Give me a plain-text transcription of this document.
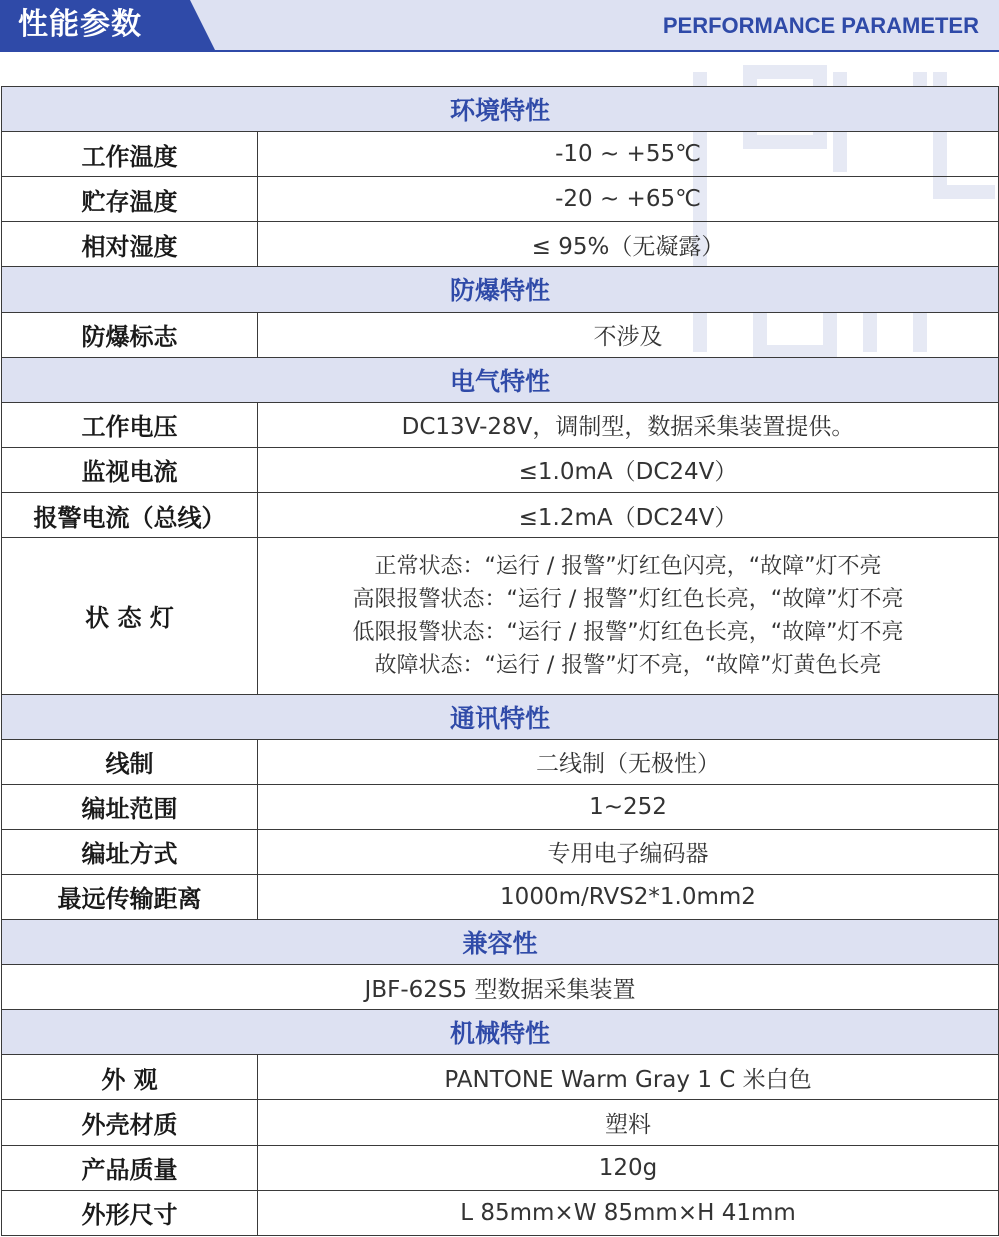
性能参数	PERFORMANCE PARAMETER
环境特性	
工作温度	-10 ~ +55℃
贮存温度	-20 ~ +65℃
相对湿度	≤ 95%（无凝露）
防爆特性	
防爆标志	不涉及
电气特性	
工作电压	DC13V-28V，调制型，数据采集装置提供。
监视电流	≤1.0mA（DC24V）
报警电流（总线）	≤1.2mA（DC24V）
状 态 灯	正常状态：“运行 / 报警”灯红色闪亮，“故障”灯不亮
高限报警状态：“运行 / 报警”灯红色长亮，“故障”灯不亮
低限报警状态：“运行 / 报警”灯红色长亮，“故障”灯不亮
故障状态：“运行 / 报警”灯不亮，“故障”灯黄色长亮

通讯特性	
线制	二线制（无极性）
编址范围	1~252
编址方式	专用电子编码器
最远传输距离	1000m/RVS2*1.0mm2
兼容性	
JBF-62S5 型数据采集装置	
机械特性	
外 观	PANTONE Warm Gray 1 C 米白色
外壳材质	塑料
产品质量	120g
外形尺寸	L 85mm×W 85mm×H 41mm
